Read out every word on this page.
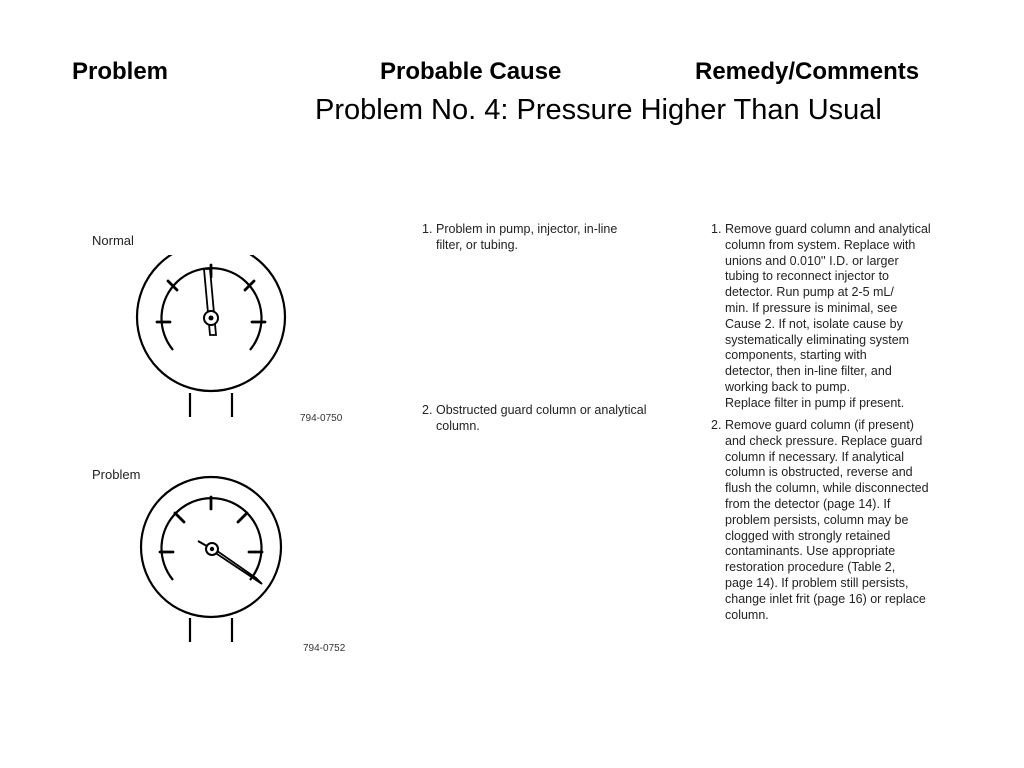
Problem	Probable Cause	Remedy/Comments
Problem No. 4: Pressure Higher Than Usual
Normal
794-0750
Problem
794-0752
1. Problem in pump, injector, in-line
filter, or tubing.
2. Obstructed guard column or analytical
column.
1. Remove guard column and analytical
column from system. Replace with
unions and 0.010'' I.D. or larger
tubing to reconnect injector to
detector. Run pump at 2-5 mL/
min. If pressure is minimal, see
Cause 2. If not, isolate cause by
systematically eliminating system
components, starting with
detector, then in-line filter, and
working back to pump.
Replace filter in pump if present.
2. Remove guard column (if present)
and check pressure. Replace guard
column if necessary. If analytical
column is obstructed, reverse and
flush the column, while disconnected
from the detector (page 14). If
problem persists, column may be
clogged with strongly retained
contaminants. Use appropriate
restoration procedure (Table 2,
page 14). If problem still persists,
change inlet frit (page 16) or replace
column.
